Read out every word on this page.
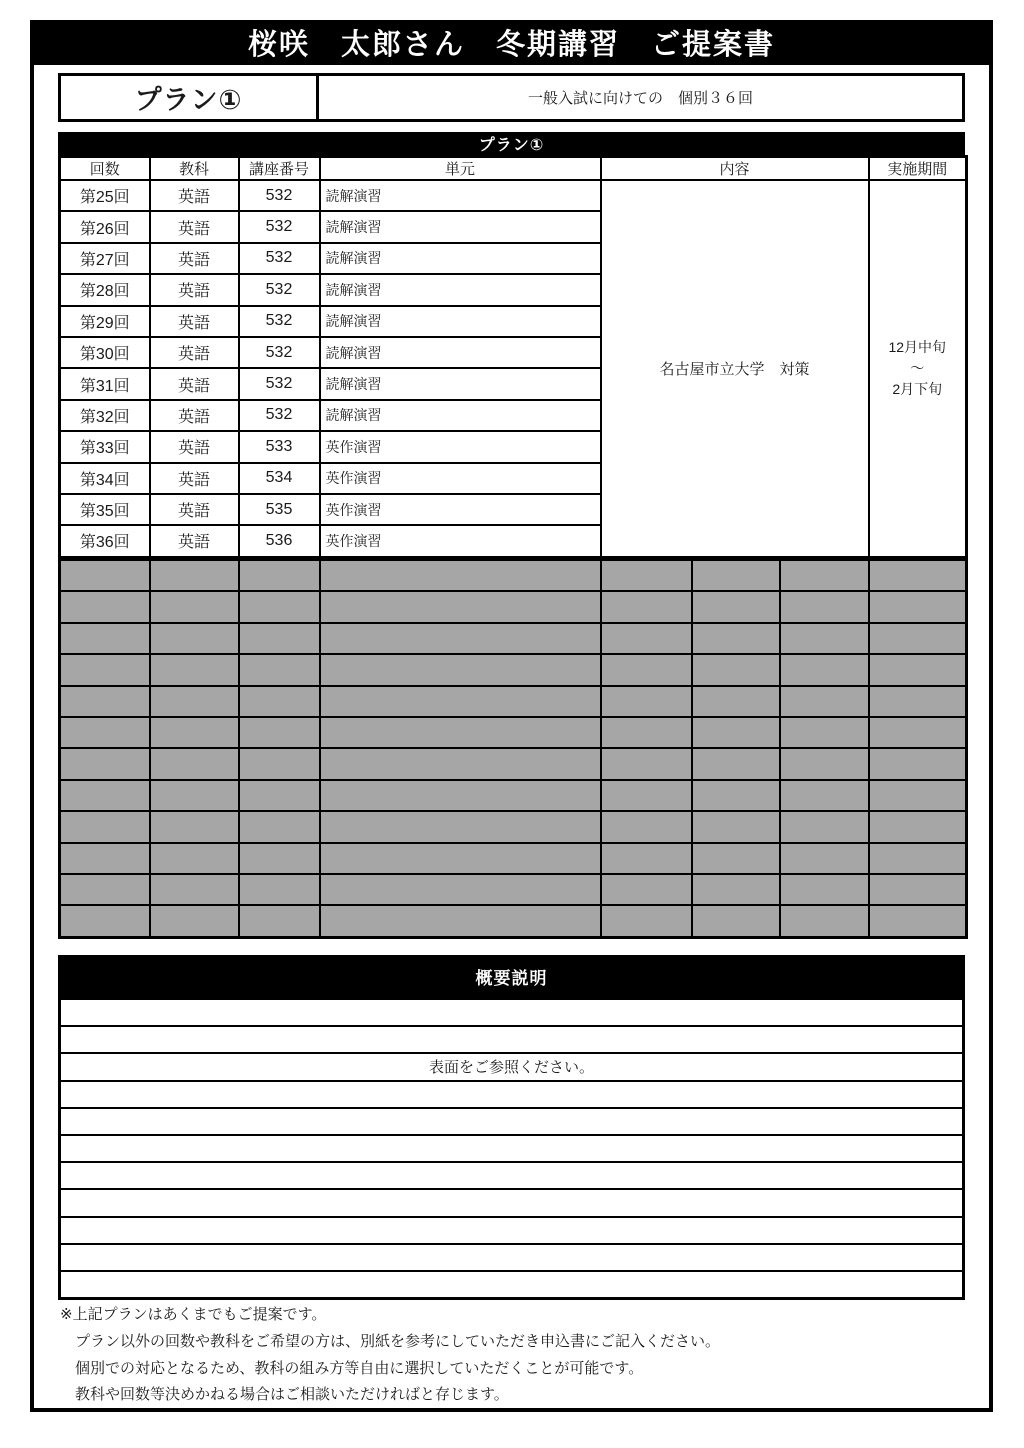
桜咲　太郎さん　冬期講習　ご提案書
プラン①	一般入試に向けての　個別３６回
プラン①
回数	教科	講座番号	単元	内容	実施期間
第25回	英語	532	読解演習	名古屋市立大学　対策	12月中旬
～
2月下旬

第26回	英語	532	読解演習		
第27回	英語	532	読解演習		
第28回	英語	532	読解演習		
第29回	英語	532	読解演習		
第30回	英語	532	読解演習		
第31回	英語	532	読解演習		
第32回	英語	532	読解演習		
第33回	英語	533	英作演習		
第34回	英語	534	英作演習		
第35回	英語	535	英作演習		
第36回	英語	536	英作演習		

概要説明

表面をご参照ください。

※上記プランはあくまでもご提案です。
　プラン以外の回数や教科をご希望の方は、別紙を参考にしていただき申込書にご記入ください。
　個別での対応となるため、教科の組み方等自由に選択していただくことが可能です。
　教科や回数等決めかねる場合はご相談いただければと存じます。
